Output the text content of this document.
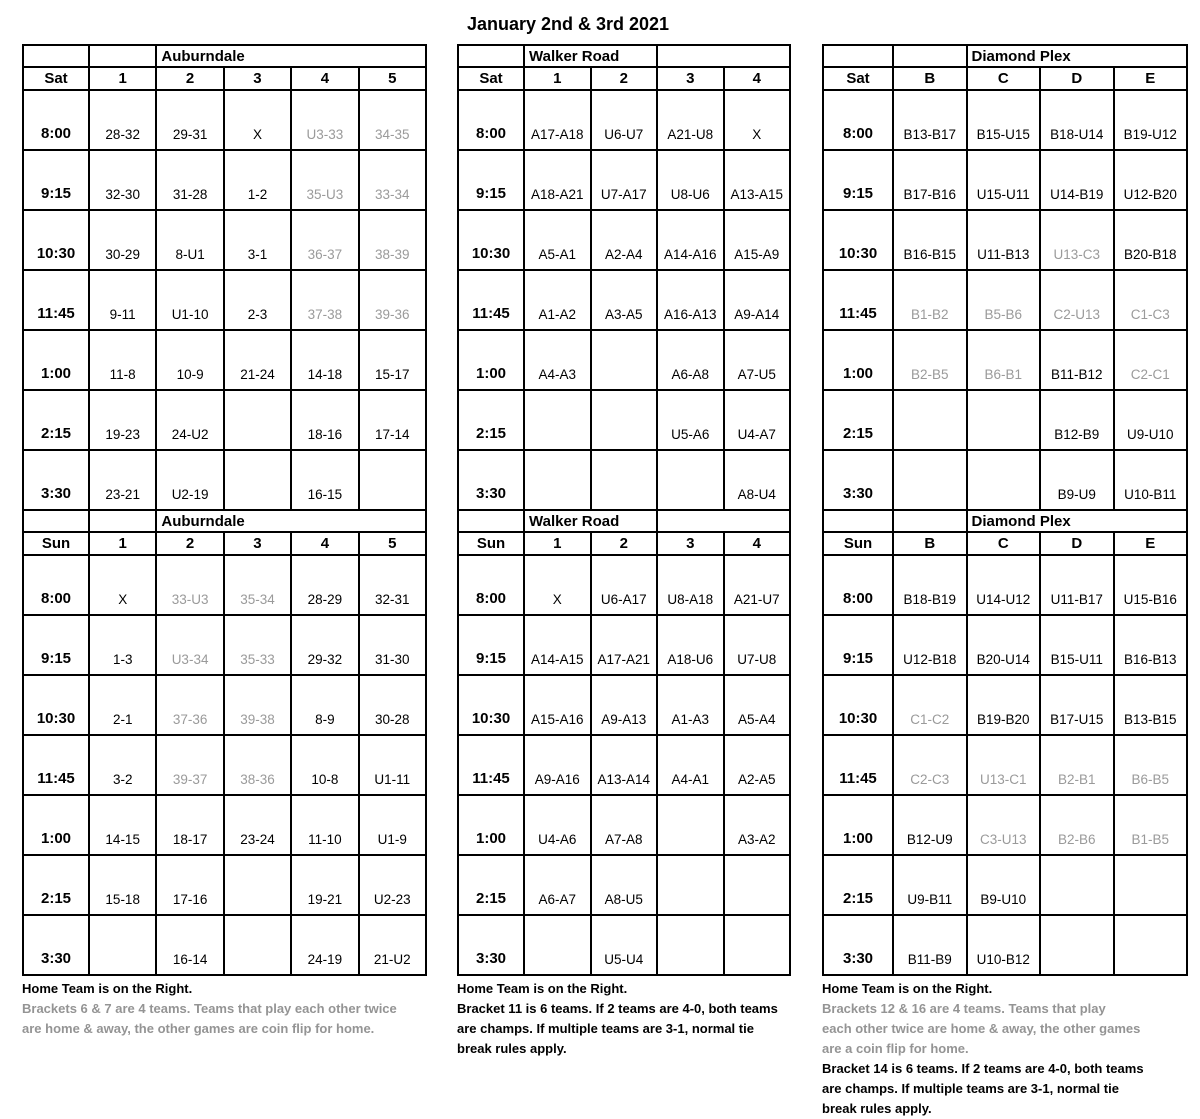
January 2nd & 3rd 2021
		Auburndale			
Sat	1	2	3	4	5
8:00	28-32	29-31	X	U3-33	34-35
9:15	32-30	31-28	1-2	35-U3	33-34
10:30	30-29	8-U1	3-1	36-37	38-39
11:45	9-11	U1-10	2-3	37-38	39-36
1:00	11-8	10-9	21-24	14-18	15-17
2:15	19-23	24-U2		18-16	17-14
3:30	23-21	U2-19		16-15	
		Auburndale			
Sun	1	2	3	4	5
8:00	X	33-U3	35-34	28-29	32-31
9:15	1-3	U3-34	35-33	29-32	31-30
10:30	2-1	37-36	39-38	8-9	30-28
11:45	3-2	39-37	38-36	10-8	U1-11
1:00	14-15	18-17	23-24	11-10	U1-9
2:15	15-18	17-16		19-21	U2-23
3:30		16-14		24-19	21-U2
Home Team is on the Right.
Brackets 6 & 7 are 4 teams. Teams that play each other twice
are home & away, the other games are coin flip for home.
	Walker Road			
Sat	1	2	3	4
8:00	A17-A18	U6-U7	A21-U8	X
9:15	A18-A21	U7-A17	U8-U6	A13-A15
10:30	A5-A1	A2-A4	A14-A16	A15-A9
11:45	A1-A2	A3-A5	A16-A13	A9-A14
1:00	A4-A3		A6-A8	A7-U5
2:15			U5-A6	U4-A7
3:30				A8-U4
	Walker Road			
Sun	1	2	3	4
8:00	X	U6-A17	U8-A18	A21-U7
9:15	A14-A15	A17-A21	A18-U6	U7-U8
10:30	A15-A16	A9-A13	A1-A3	A5-A4
11:45	A9-A16	A13-A14	A4-A1	A2-A5
1:00	U4-A6	A7-A8		A3-A2
2:15	A6-A7	A8-U5		
3:30		U5-U4		
Home Team is on the Right.
Bracket 11 is 6 teams. If 2 teams are 4-0, both teams
are champs. If multiple teams are 3-1, normal tie
break rules apply.
		Diamond Plex		
Sat	B	C	D	E
8:00	B13-B17	B15-U15	B18-U14	B19-U12
9:15	B17-B16	U15-U11	U14-B19	U12-B20
10:30	B16-B15	U11-B13	U13-C3	B20-B18
11:45	B1-B2	B5-B6	C2-U13	C1-C3
1:00	B2-B5	B6-B1	B11-B12	C2-C1
2:15			B12-B9	U9-U10
3:30			B9-U9	U10-B11
		Diamond Plex		
Sun	B	C	D	E
8:00	B18-B19	U14-U12	U11-B17	U15-B16
9:15	U12-B18	B20-U14	B15-U11	B16-B13
10:30	C1-C2	B19-B20	B17-U15	B13-B15
11:45	C2-C3	U13-C1	B2-B1	B6-B5
1:00	B12-U9	C3-U13	B2-B6	B1-B5
2:15	U9-B11	B9-U10		
3:30	B11-B9	U10-B12		
Home Team is on the Right.
Brackets 12 & 16 are 4 teams. Teams that play
each other twice are home & away, the other games
are a coin flip for home.
Bracket 14 is 6 teams. If 2 teams are 4-0, both teams
are champs. If multiple teams are 3-1, normal tie
break rules apply.
